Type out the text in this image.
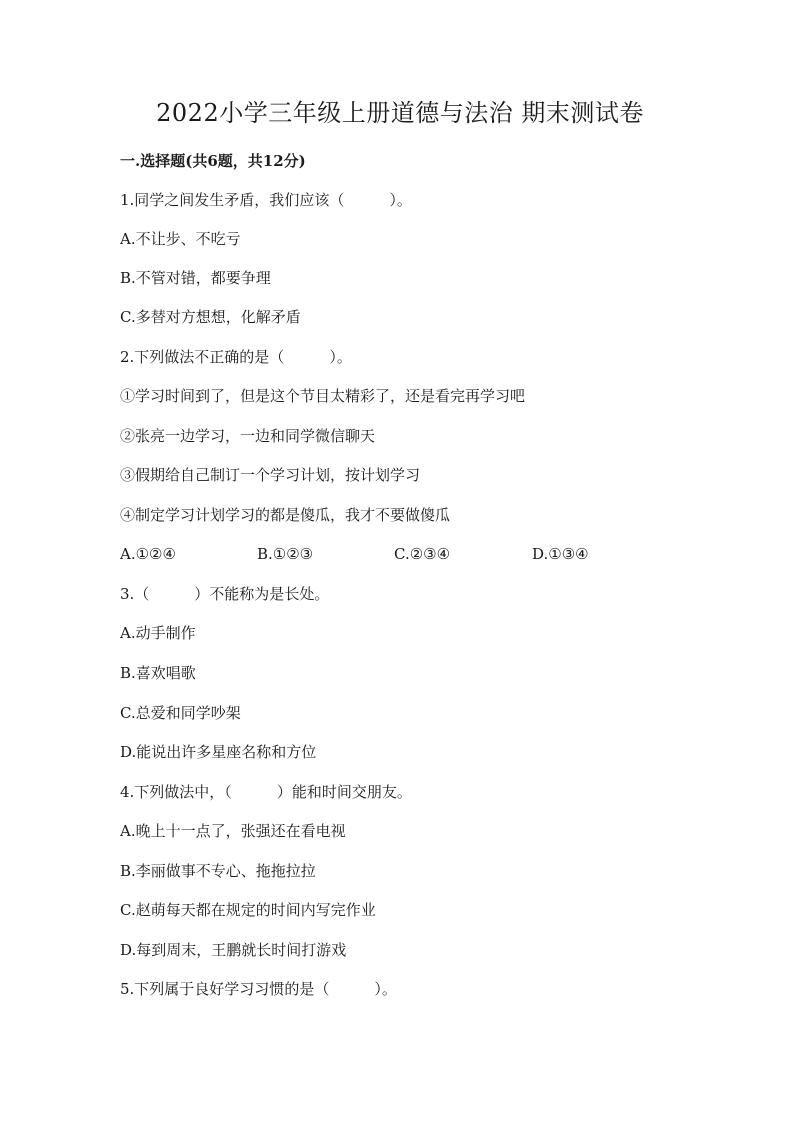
2022小学三年级上册道德与法治 期末测试卷
一.选择题(共6题，共12分)
1.同学之间发生矛盾，我们应该（　　　）。
A.不让步、不吃亏
B.不管对错，都要争理
C.多替对方想想，化解矛盾
2.下列做法不正确的是（　　　）。
①学习时间到了，但是这个节目太精彩了，还是看完再学习吧
②张亮一边学习，一边和同学微信聊天
③假期给自己制订一个学习计划，按计划学习
④制定学习计划学习的都是傻瓜，我才不要做傻瓜
A.①②④	B.①②③	C.②③④	D.①③④
3.（　　　）不能称为是长处。
A.动手制作
B.喜欢唱歌
C.总爱和同学吵架
D.能说出许多星座名称和方位
4.下列做法中，（　　　）能和时间交朋友。
A.晚上十一点了，张强还在看电视
B.李丽做事不专心、拖拖拉拉
C.赵萌每天都在规定的时间内写完作业
D.每到周末，王鹏就长时间打游戏
5.下列属于良好学习习惯的是（　　　）。
